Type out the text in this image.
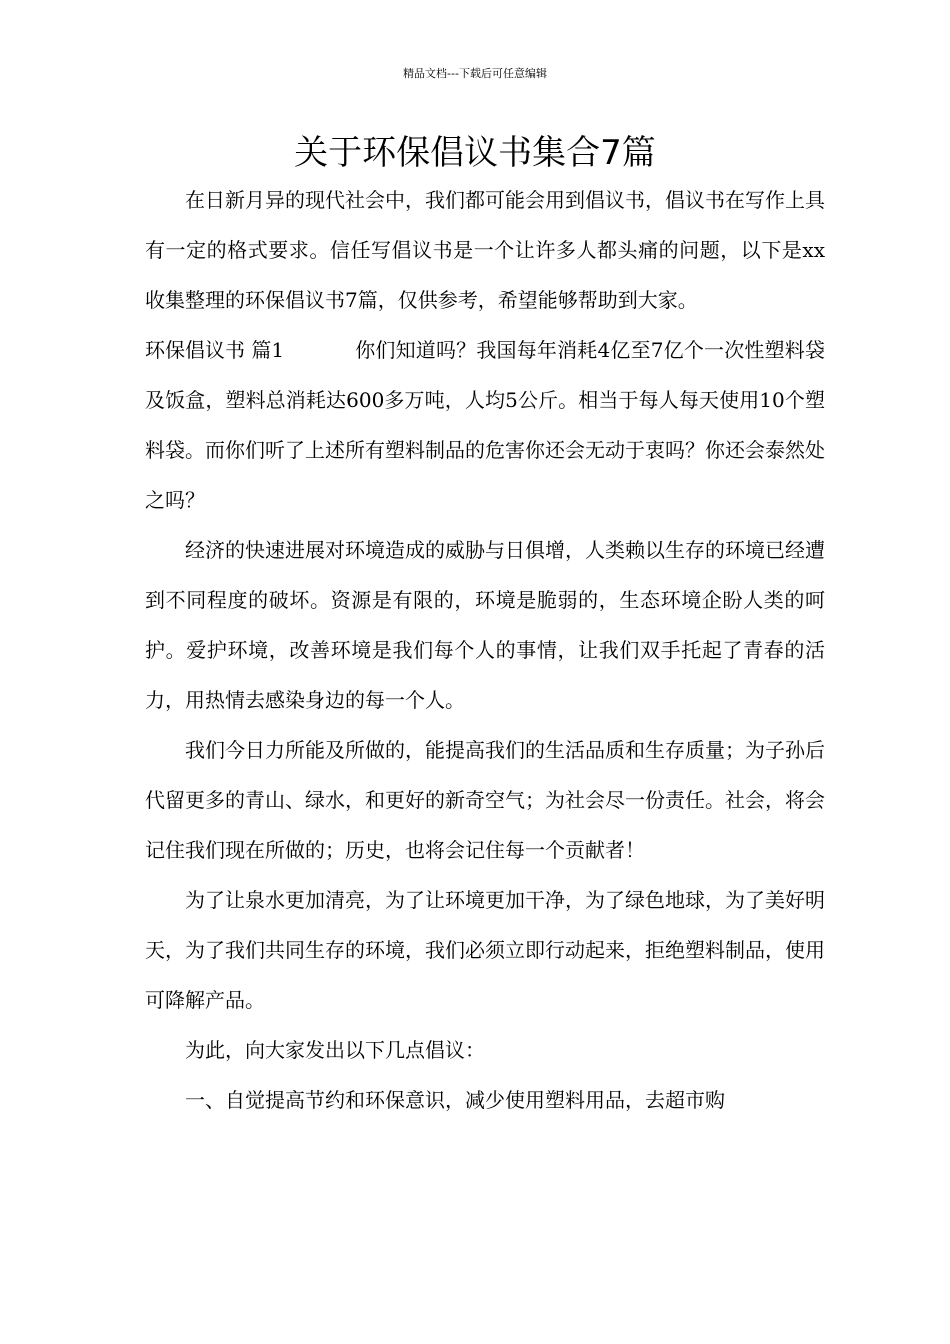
精品文档---下载后可任意编辑
关于环保倡议书集合7篇

在日新月异的现代社会中，我们都可能会用到倡议书，倡议书在写作上具有一定的格式要求。信任写倡议书是一个让许多人都头痛的问题，以下是xx收集整理的环保倡议书7篇，仅供参考，希望能够帮助到大家。

环保倡议书 篇1	你们知道吗？我国每年消耗4亿至7亿个一次性塑料袋及饭盒，塑料总消耗达600多万吨，人均5公斤。相当于每人每天使用10个塑料袋。而你们听了上述所有塑料制品的危害你还会无动于衷吗？你还会泰然处之吗？

经济的快速进展对环境造成的威胁与日俱增，人类赖以生存的环境已经遭到不同程度的破坏。资源是有限的，环境是脆弱的，生态环境企盼人类的呵护。爱护环境，改善环境是我们每个人的事情，让我们双手托起了青春的活力，用热情去感染身边的每一个人。

我们今日力所能及所做的，能提高我们的生活品质和生存质量；为子孙后代留更多的青山、绿水，和更好的新奇空气；为社会尽一份责任。社会，将会记住我们现在所做的；历史，也将会记住每一个贡献者！

为了让泉水更加清亮，为了让环境更加干净，为了绿色地球，为了美好明天，为了我们共同生存的环境，我们必须立即行动起来，拒绝塑料制品，使用可降解产品。

为此，向大家发出以下几点倡议：

一、自觉提高节约和环保意识，减少使用塑料用品，去超市购
